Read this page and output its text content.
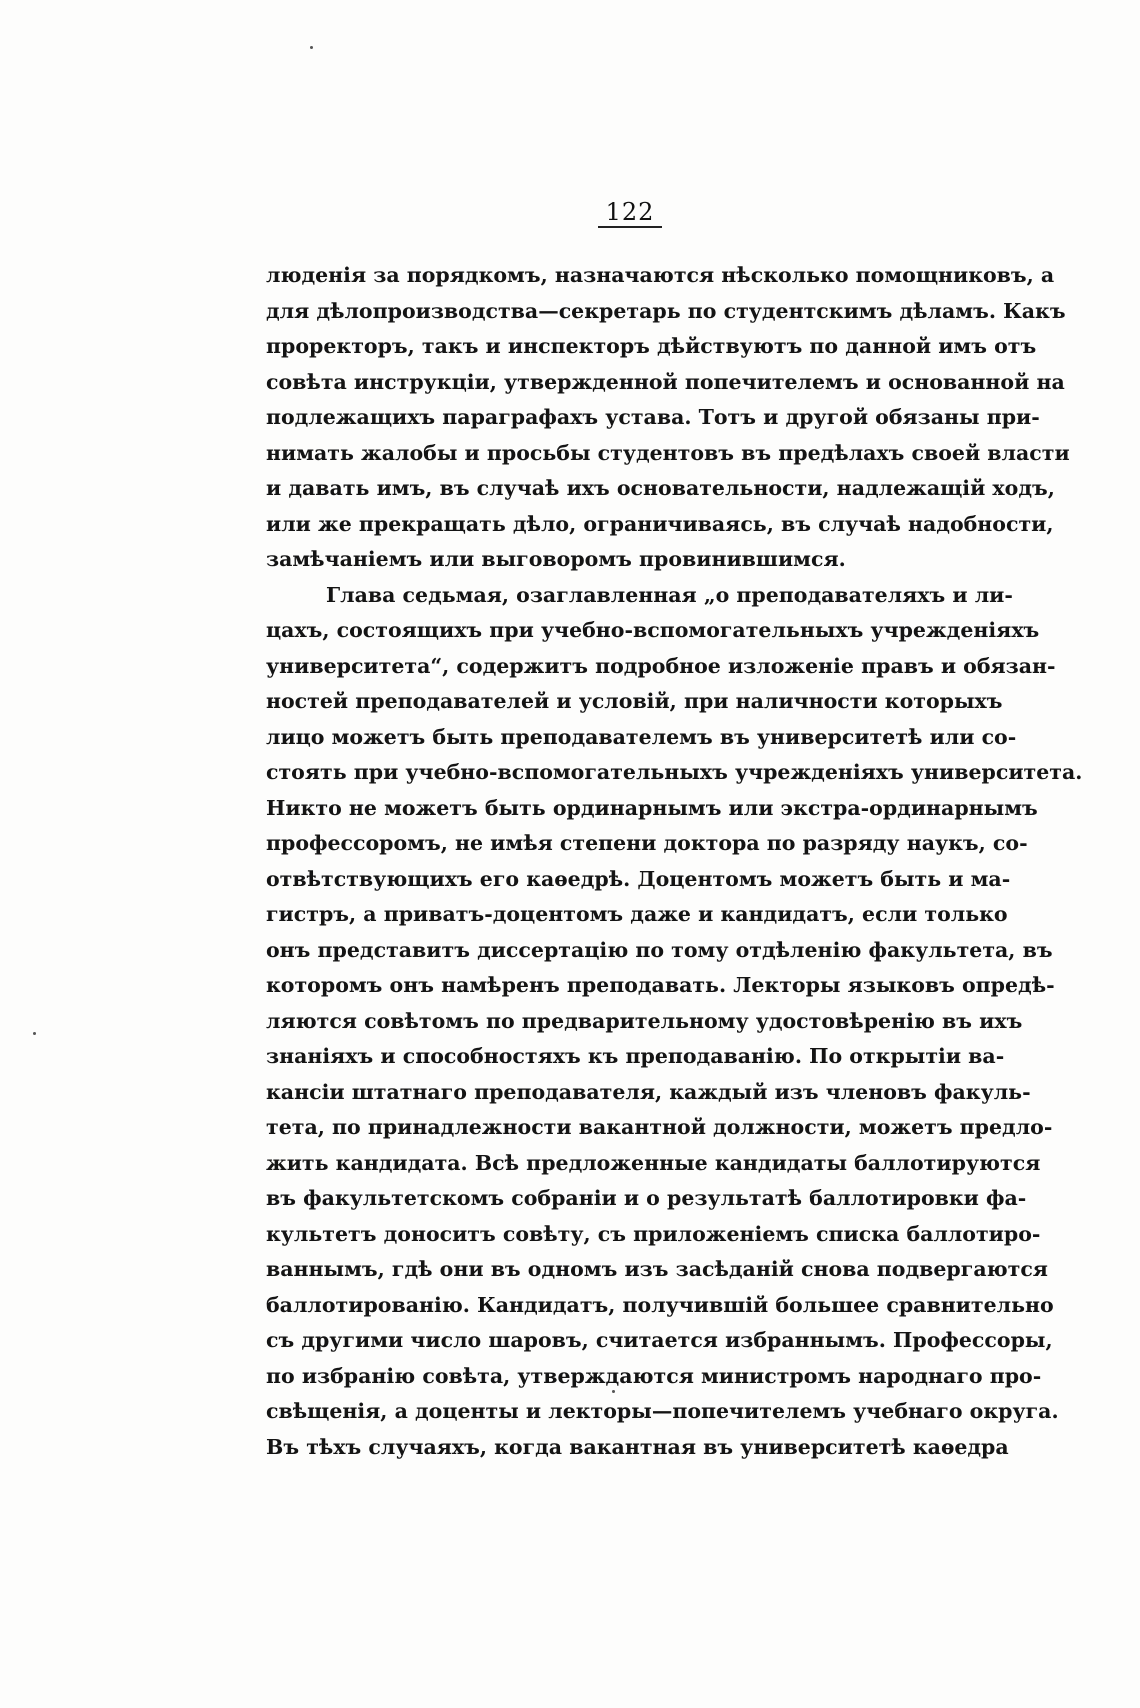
122
люденія за порядкомъ, назначаются нѣсколько помощниковъ, а
для дѣлопроизводства—секретарь по студентскимъ дѣламъ. Какъ
проректоръ, такъ и инспекторъ дѣйствуютъ по данной имъ отъ
совѣта инструкціи, утвержденной попечителемъ и основанной на
подлежащихъ параграфахъ устава. Тотъ и другой обязаны при-
нимать жалобы и просьбы студентовъ въ предѣлахъ своей власти
и давать имъ, въ случаѣ ихъ основательности, надлежащій ходъ,
или же прекращать дѣло, ограничиваясь, въ случаѣ надобности,
замѣчаніемъ или выговоромъ провинившимся.
Глава седьмая, озаглавленная „о преподавателяхъ и ли-
цахъ, состоящихъ при учебно-вспомогательныхъ учрежденіяхъ
университета“, содержитъ подробное изложеніе правъ и обязан-
ностей преподавателей и условій, при наличности которыхъ
лицо можетъ быть преподавателемъ въ университетѣ или со-
стоять при учебно-вспомогательныхъ учрежденіяхъ университета.
Никто не можетъ быть ординарнымъ или экстра-ординарнымъ
профессоромъ, не имѣя степени доктора по разряду наукъ, со-
отвѣтствующихъ его каѳедрѣ. Доцентомъ можетъ быть и ма-
гистръ, а приватъ-доцентомъ даже и кандидатъ, если только
онъ представитъ диссертацію по тому отдѣленію факультета, въ
которомъ онъ намѣренъ преподавать. Лекторы языковъ опредѣ-
ляются совѣтомъ по предварительному удостовѣренію въ ихъ
знаніяхъ и способностяхъ къ преподаванію. По открытіи ва-
кансіи штатнаго преподавателя, каждый изъ членовъ факуль-
тета, по принадлежности вакантной должности, можетъ предло-
жить кандидата. Всѣ предложенные кандидаты баллотируются
въ факультетскомъ собраніи и о результатѣ баллотировки фа-
культетъ доноситъ совѣту, съ приложеніемъ списка баллотиро-
ваннымъ, гдѣ они въ одномъ изъ засѣданій снова подвергаются
баллотированію. Кандидатъ, получившій большее сравнительно
съ другими число шаровъ, считается избраннымъ. Профессоры,
по избранію совѣта, утверждаются министромъ народнаго про-
свѣщенія, а доценты и лекторы—попечителемъ учебнаго округа.
Въ тѣхъ случаяхъ, когда вакантная въ университетѣ каѳедра
